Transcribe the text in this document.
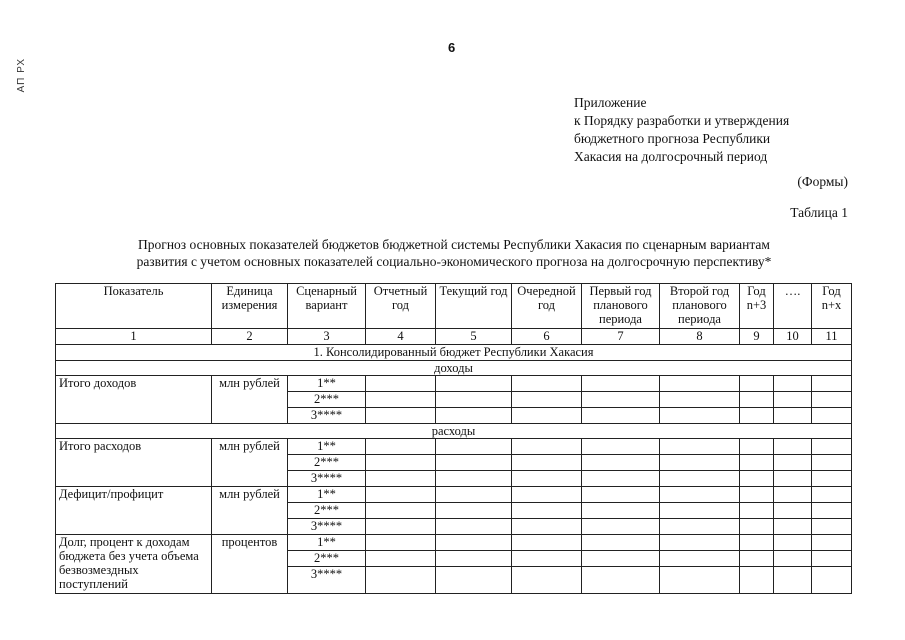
АП РХ
6
Приложение
к Порядку разработки и утверждения
бюджетного прогноза Республики
Хакасия на долгосрочный период
(Формы)
Таблица 1
Прогноз основных показателей бюджетов бюджетной системы Республики Хакасия по сценарным вариантам
развития с учетом основных показателей социально-экономического прогноза на долгосрочную перспективу*
Показатель	Единица измерения	Сценарный вариант	Отчетный год	Текущий год	Очередной год	Первый год планового периода	Второй год планового периода	Год n+3	….	Год n+x
1	2	3	4	5	6	7	8	9	10	11
1. Консолидированный бюджет Республики Хакасия										
доходы										
Итого доходов	млн рублей	1**								
		2***								
		3****								
расходы										
Итого расходов	млн рублей	1**								
		2***								
		3****								
Дефицит/профицит	млн рублей	1**								
		2***								
		3****								
Долг, процент к доходам бюджета без учета объема безвозмездных поступлений	процентов	1**								
		2***								
		3****								
